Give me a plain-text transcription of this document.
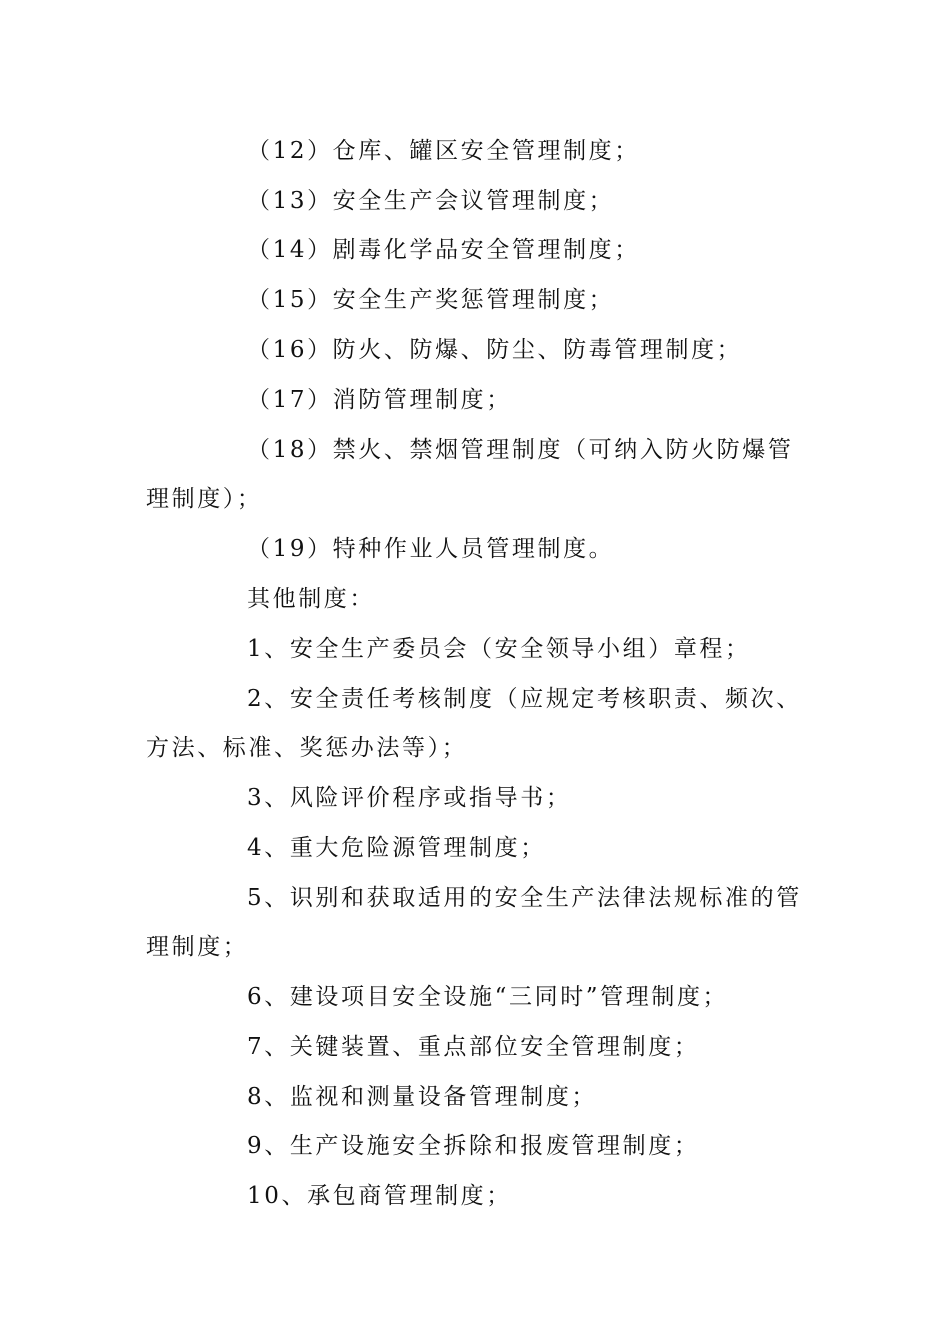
（12）仓库、罐区安全管理制度；
（13）安全生产会议管理制度；
（14）剧毒化学品安全管理制度；
（15）安全生产奖惩管理制度；
（16）防火、防爆、防尘、防毒管理制度；
（17）消防管理制度；
（18）禁火、禁烟管理制度（可纳入防火防爆管
理制度）；
（19）特种作业人员管理制度。
其他制度：
1、安全生产委员会（安全领导小组）章程；
2、安全责任考核制度（应规定考核职责、频次、
方法、标准、奖惩办法等）；
3、风险评价程序或指导书；
4、重大危险源管理制度；
5、识别和获取适用的安全生产法律法规标准的管
理制度；
6、建设项目安全设施“三同时”管理制度；
7、关键装置、重点部位安全管理制度；
8、监视和测量设备管理制度；
9、生产设施安全拆除和报废管理制度；
10、承包商管理制度；
